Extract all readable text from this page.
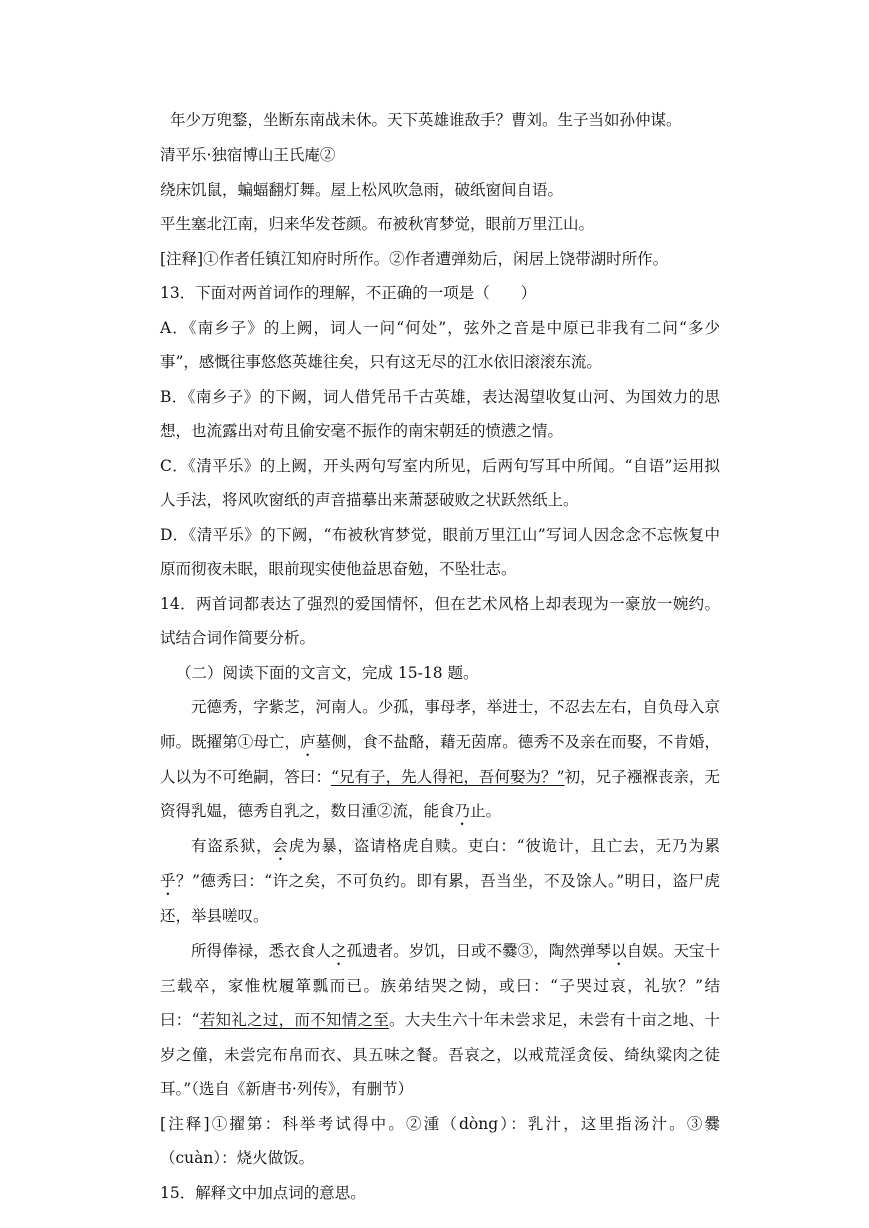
年少万兜鍪，坐断东南战未休。天下英雄谁敌手？曹刘。生子当如孙仲谋。

清平乐·独宿博山王氏庵②

绕床饥鼠，蝙蝠翻灯舞。屋上松风吹急雨，破纸窗间自语。

平生塞北江南，归来华发苍颜。布被秋宵梦觉，眼前万里江山。

[注释]①作者任镇江知府时所作。②作者遭弹劾后，闲居上饶带湖时所作。

13．下面对两首词作的理解，不正确的一项是（　　）

A．《南乡子》的上阙，词人一问“何处”，弦外之音是中原已非我有二问“多少事”，感慨往事悠悠英雄往矣，只有这无尽的江水依旧滚滚东流。

B．《南乡子》的下阙，词人借凭吊千古英雄，表达渴望收复山河、为国效力的思想，也流露出对苟且偷安毫不振作的南宋朝廷的愤懑之情。

C．《清平乐》的上阙，开头两句写室内所见，后两句写耳中所闻。“自语”运用拟人手法，将风吹窗纸的声音描摹出来萧瑟破败之状跃然纸上。

D．《清平乐》的下阙，“布被秋宵梦觉，眼前万里江山”写词人因念念不忘恢复中原而彻夜未眠，眼前现实使他益思奋勉，不坠壮志。

14．两首词都表达了强烈的爱国情怀，但在艺术风格上却表现为一豪放一婉约。试结合词作简要分析。

（二）阅读下面的文言文，完成 15-18 题。

元德秀，字紫芝，河南人。少孤，事母孝，举进士，不忍去左右，自负母入京师。既擢第①母亡，庐墓侧，食不盐酪，藉无茵席。德秀不及亲在而娶，不肯婚，人以为不可绝嗣，答曰：“兄有子，先人得祀，吾何娶为？”初，兄子襁褓丧亲，无资得乳媪，德秀自乳之，数日湩②流，能食乃止。

有盗系狱，会虎为暴，盗请格虎自赎。吏白：“彼诡计，且亡去，无乃为累乎？”德秀曰：“许之矣，不可负约。即有累，吾当坐，不及馀人。”明日，盗尸虎还，举县嗟叹。

所得俸禄，悉衣食人之孤遗者。岁饥，日或不爨③，陶然弹琴以自娱。天宝十三载卒，家惟枕履箪瓢而已。族弟结哭之恸，或曰：“子哭过哀，礼欤？”结曰：“若知礼之过，而不知情之至。大夫生六十年未尝求足，未尝有十亩之地、十岁之僮，未尝完布帛而衣、具五味之餐。吾哀之，以戒荒淫贪佞、绮纨粱肉之徒耳。”（选自《新唐书·列传》，有删节）

[注释]①擢第：科举考试得中。②湩（dòng）：乳汁，这里指汤汁。③爨（cuàn）：烧火做饭。

15．解释文中加点词的意思。
